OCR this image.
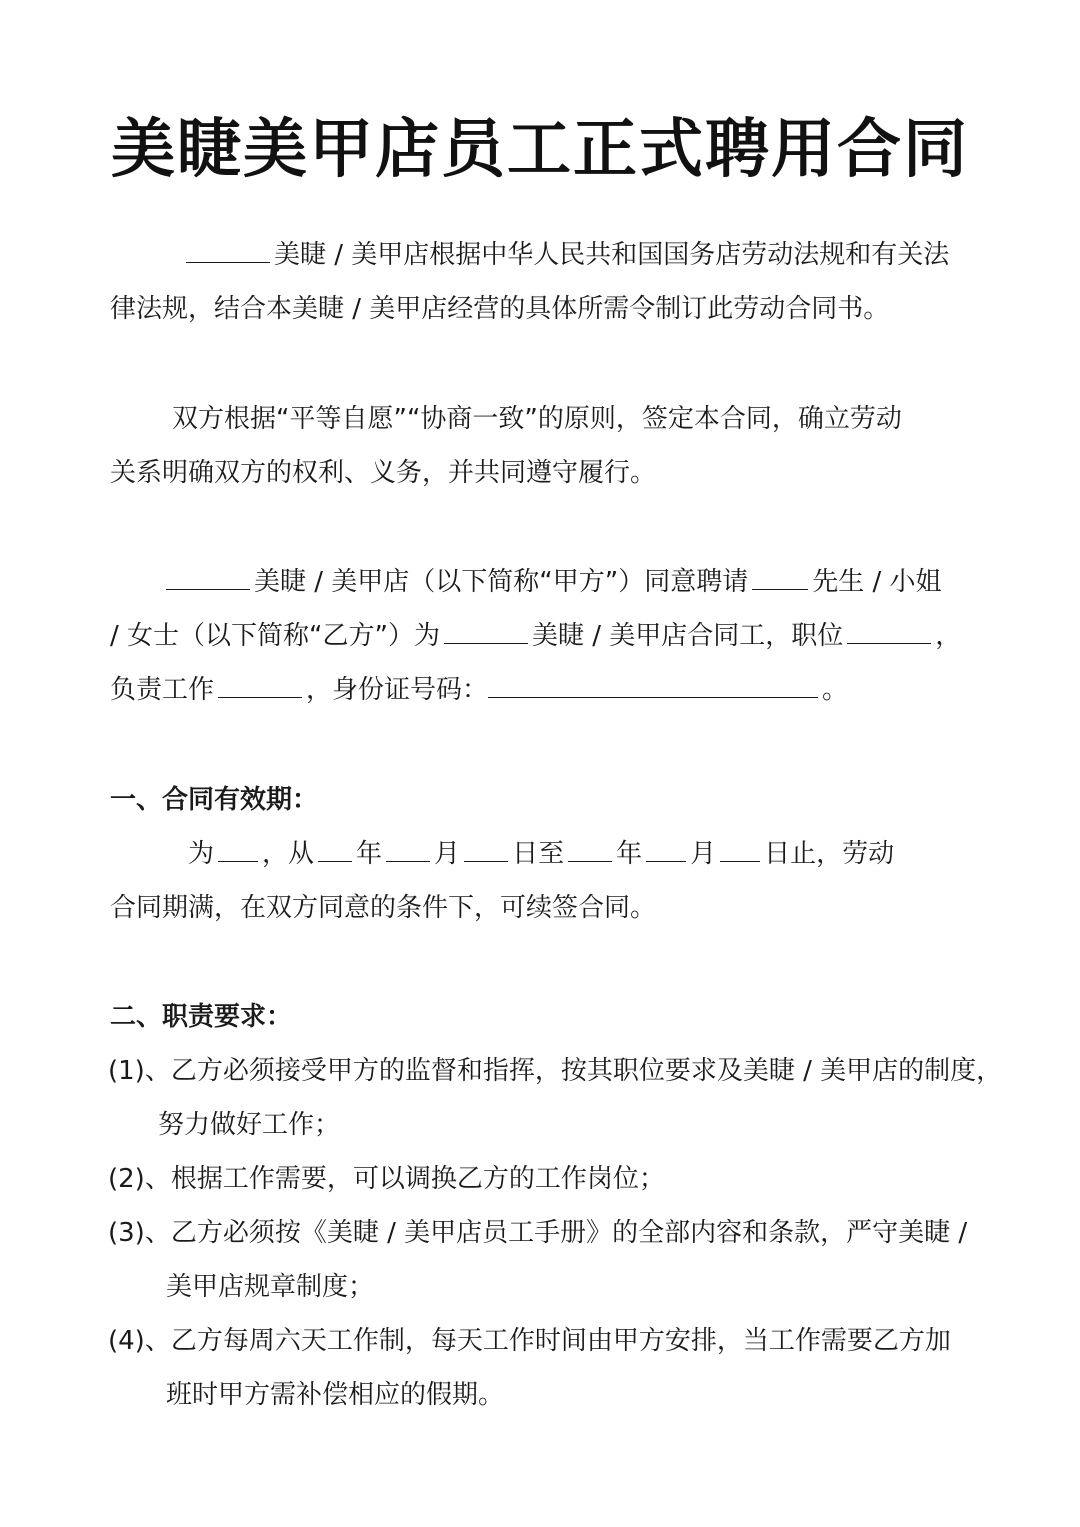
美睫美甲店员工正式聘用合同
美睫 / 美甲店根据中华人民共和国国务店劳动法规和有关法
律法规，结合本美睫 / 美甲店经营的具体所需令制订此劳动合同书。
双方根据“平等自愿”“协商一致”的原则，签定本合同，确立劳动
关系明确双方的权利、义务，并共同遵守履行。
美睫 / 美甲店（以下简称“甲方”）同意聘请 先生 / 小姐
/ 女士（以下简称“乙方”）为	美睫 / 美甲店合同工，职位	，
负责工作	，身份证号码：	。
一、合同有效期：
为 ，从 年 月 日至 年 月 日止，劳动
合同期满，在双方同意的条件下，可续签合同。
二、职责要求：
(1)、乙方必须接受甲方的监督和指挥，按其职位要求及美睫 / 美甲店的制度，
努力做好工作；
(2)、根据工作需要，可以调换乙方的工作岗位；
(3)、乙方必须按《美睫 / 美甲店员工手册》的全部内容和条款，严守美睫 /
美甲店规章制度；
(4)、乙方每周六天工作制，每天工作时间由甲方安排，当工作需要乙方加
班时甲方需补偿相应的假期。
